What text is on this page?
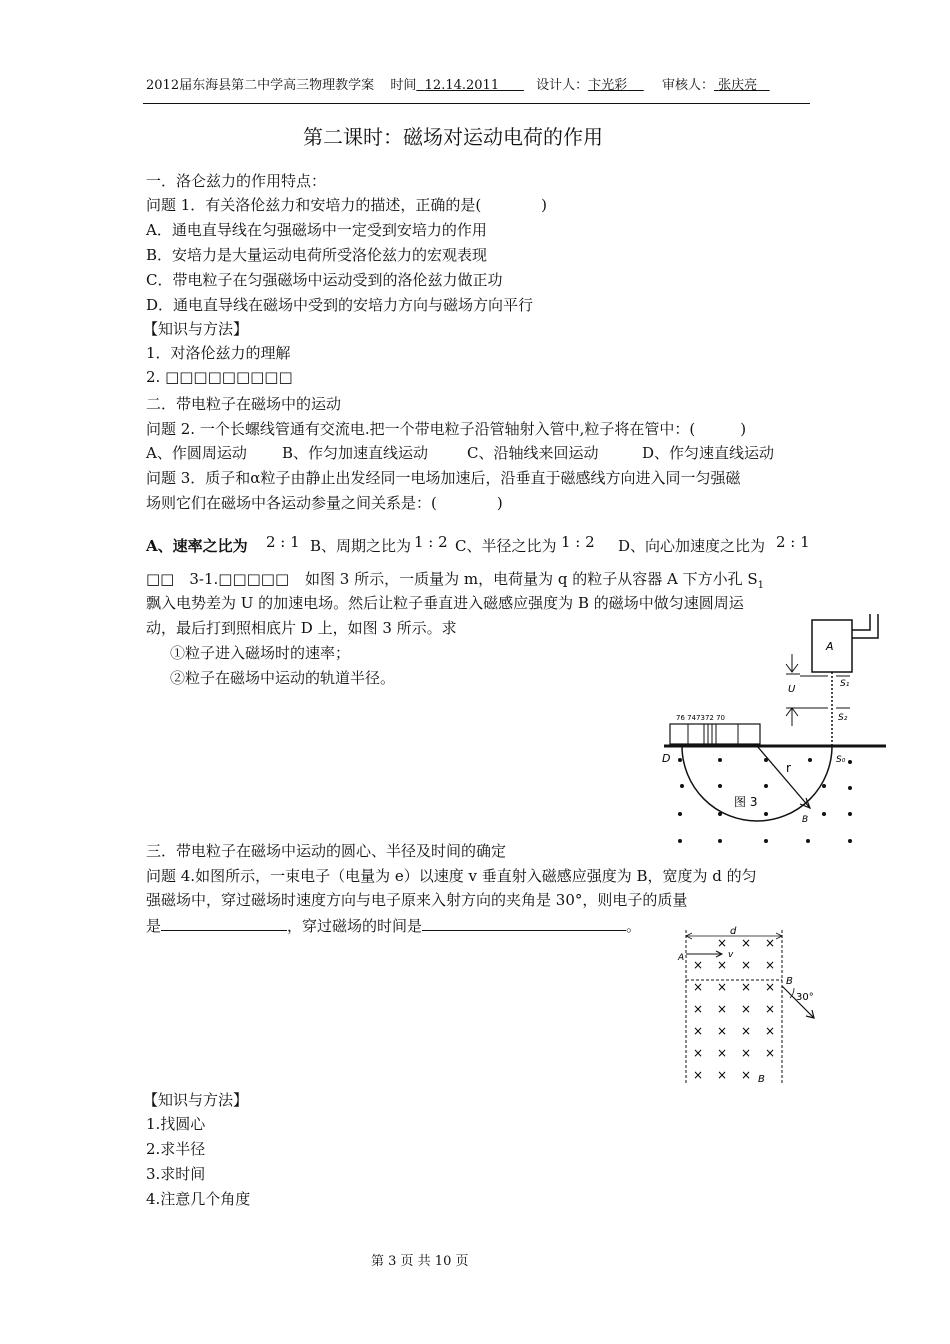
2012届东海县第二中学高三物理教学案 时间 12.14.2011	设计人：卞光彩	审核人： 张庆亮
第二课时：磁场对运动电荷的作用
一．洛仑兹力的作用特点：
问题 1．有关洛伦兹力和安培力的描述，正确的是(　　　　)
A．通电直导线在匀强磁场中一定受到安培力的作用
B．安培力是大量运动电荷所受洛伦兹力的宏观表现
C．带电粒子在匀强磁场中运动受到的洛伦兹力做正功
D．通电直导线在磁场中受到的安培力方向与磁场方向平行
【知识与方法】
1．对洛伦兹力的理解
2. □□□□□□□□□
二．带电粒子在磁场中的运动
问题 2. 一个长螺线管通有交流电.把一个带电粒子沿管轴射入管中,粒子将在管中：(　　　)
A、作圆周运动 B、作匀加速直线运动	C、沿轴线来回运动	D、作匀速直线运动
问题 3．质子和α粒子由静止出发经同一电场加速后，沿垂直于磁感线方向进入同一匀强磁
场则它们在磁场中各运动参量之间关系是：(　　　　)
A、速率之比为 2 : 1 B、周期之比为 1 : 2 C、半径之比为 1 : 2 D、向心加速度之比为 2 : 1
□□　3-1.□□□□□ 如图 3 所示，一质量为 m，电荷量为 q 的粒子从容器 A 下方小孔 $S_1$
飘入电势差为 U 的加速电场。然后让粒子垂直进入磁感应强度为 B 的磁场中做匀速圆周运
动，最后打到照相底片 D 上，如图 3 所示。求
①粒子进入磁场时的速率；
②粒子在磁场中运动的轨道半径。
A
S₁
U
S₂
76 747372 70
D	S₀
r
B
图 3
三．带电粒子在磁场中运动的圆心、半径及时间的确定
问题 4.如图所示，一束电子（电量为 e）以速度 v 垂直射入磁感应强度为 B，宽度为 d 的匀
强磁场中，穿过磁场时速度方向与电子原来入射方向的夹角是 30°，则电子的质量
是	，穿过磁场的时间是	。	d
A	v
B
30°
B
× × ×
× × × ×
× × × ×
× × × ×
× × × ×
× × × ×
× × ×
【知识与方法】
1.找圆心
2.求半径
3.求时间
4.注意几个角度
第 3 页 共 10 页
